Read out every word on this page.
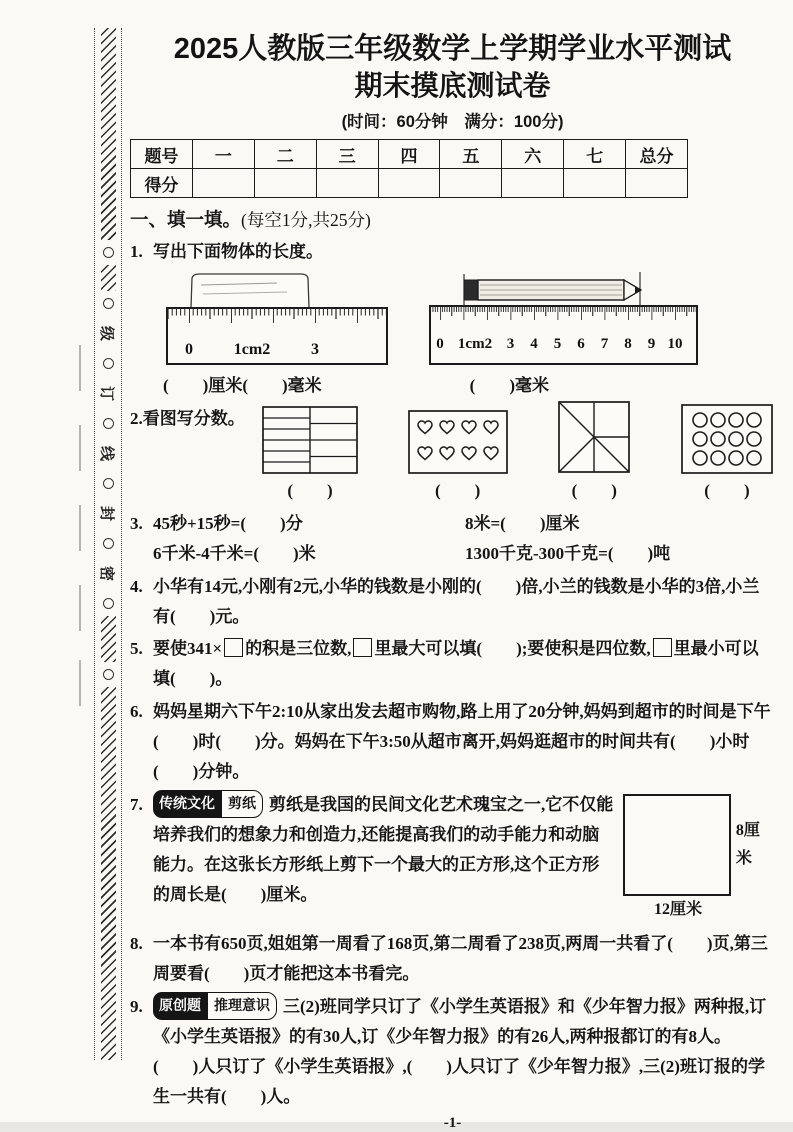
级
订
线
封
密
2025人教版三年级数学上学期学业水平测试
期末摸底测试卷
(时间：60分钟　满分：100分)
题号	一	二	三	四	五	六	七	总分
得分								
一、填一填。(每空1分,共25分)
1. 写出下面物体的长度。
0	1cm2	3	0 1cm2 3 4 5 6 7 8 9 10
(　　)厘米(　　)毫米	(　　)毫米
2.看图写分数。
(　　)	(　　)	(　　)	(　　)
3. 45秒+15秒=(　　)分	8米=(　　)厘米
6千米-4千米=(　　)米	1300千克-300千克=(　　)吨
4. 小华有14元,小刚有2元,小华的钱数是小刚的(　　)倍,小兰的钱数是小华的3倍,小兰有(　　)元。
5. 要使341× 的积是三位数, 里最大可以填(　　);要使积是四位数, 里最小可以填(　　)。
6. 妈妈星期六下午2:10从家出发去超市购物,路上用了20分钟,妈妈到超市的时间是下午(　　)时(　　)分。妈妈在下午3:50从超市离开,妈妈逛超市的时间共有(　　)小时(　　)分钟。
7.
8厘米
12厘米
传统文化 剪纸 剪纸是我国的民间文化艺术瑰宝之一,它不仅能培养我们的想象力和创造力,还能提高我们的动手能力和动脑能力。在这张长方形纸上剪下一个最大的正方形,这个正方形的周长是(　　)厘米。
8. 一本书有650页,姐姐第一周看了168页,第二周看了238页,两周一共看了(　　)页,第三周要看(　　)页才能把这本书看完。
9. 原创题 推理意识 三(2)班同学只订了《小学生英语报》和《少年智力报》两种报,订《小学生英语报》的有30人,订《少年智力报》的有26人,两种报都订的有8人。(　　)人只订了《小学生英语报》,(　　)人只订了《少年智力报》,三(2)班订报的学生一共有(　　)人。
-1-
